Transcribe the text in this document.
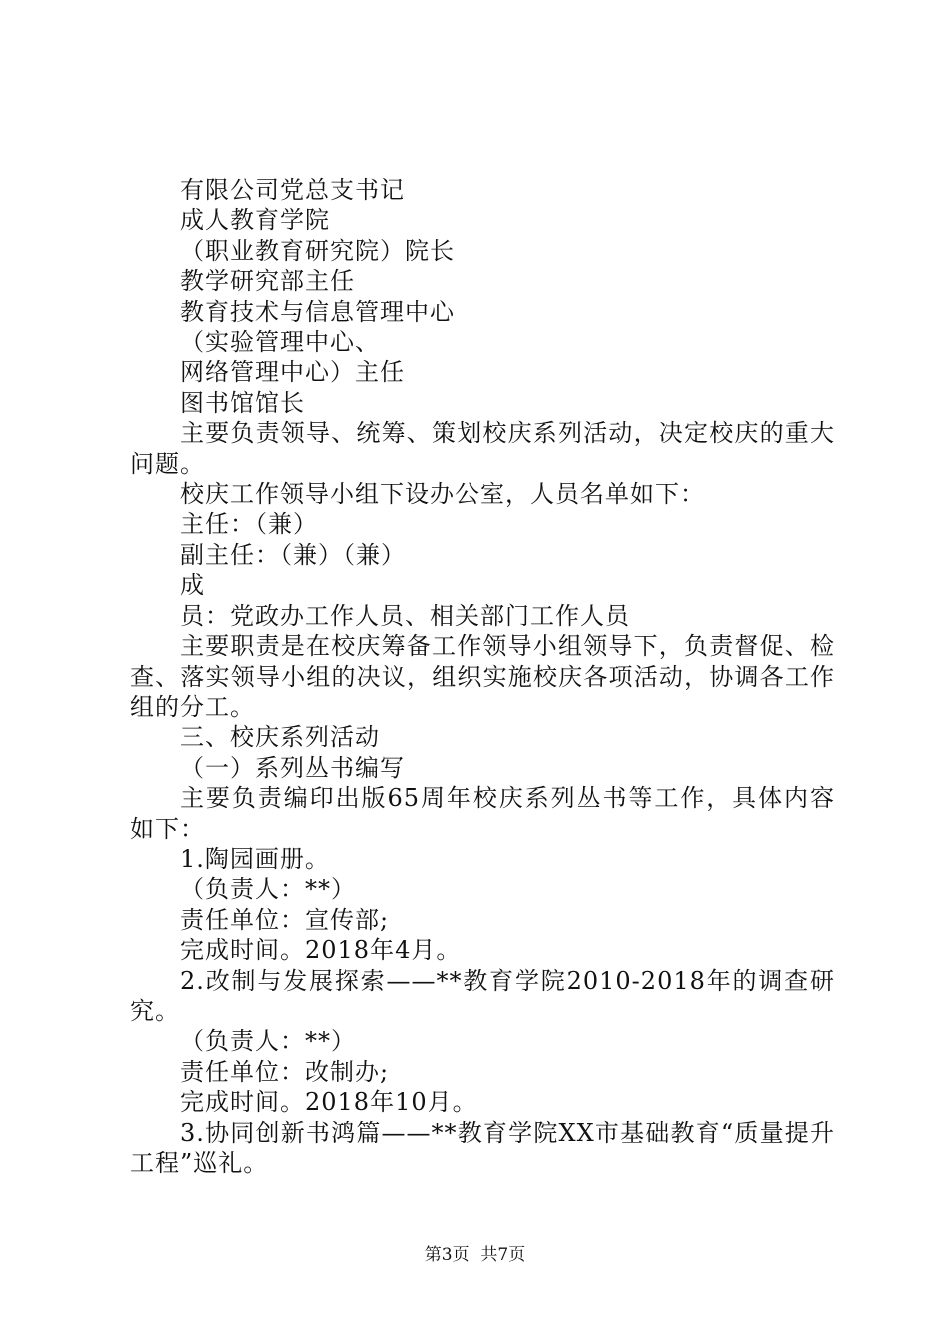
有限公司党总支书记
成人教育学院
（职业教育研究院）院长
教学研究部主任
教育技术与信息管理中心
（实验管理中心、
网络管理中心）主任
图书馆馆长
主要负责领导、统筹、策划校庆系列活动，决定校庆的重大问题。
校庆工作领导小组下设办公室，人员名单如下：
主任：（兼）
副主任：（兼）（兼）
成
员：党政办工作人员、相关部门工作人员
主要职责是在校庆筹备工作领导小组领导下，负责督促、检查、落实领导小组的决议，组织实施校庆各项活动，协调各工作组的分工。
三、校庆系列活动
（一）系列丛书编写
主要负责编印出版65周年校庆系列丛书等工作，具体内容如下：
1.陶园画册。
（负责人：**）
责任单位：宣传部;
完成时间。2018年4月。
2.改制与发展探索——**教育学院2010-2018年的调查研究。
（负责人：**）
责任单位：改制办;
完成时间。2018年10月。
3.协同创新书鸿篇——**教育学院XX市基础教育“质量提升工程”巡礼。
第3页  共7页
